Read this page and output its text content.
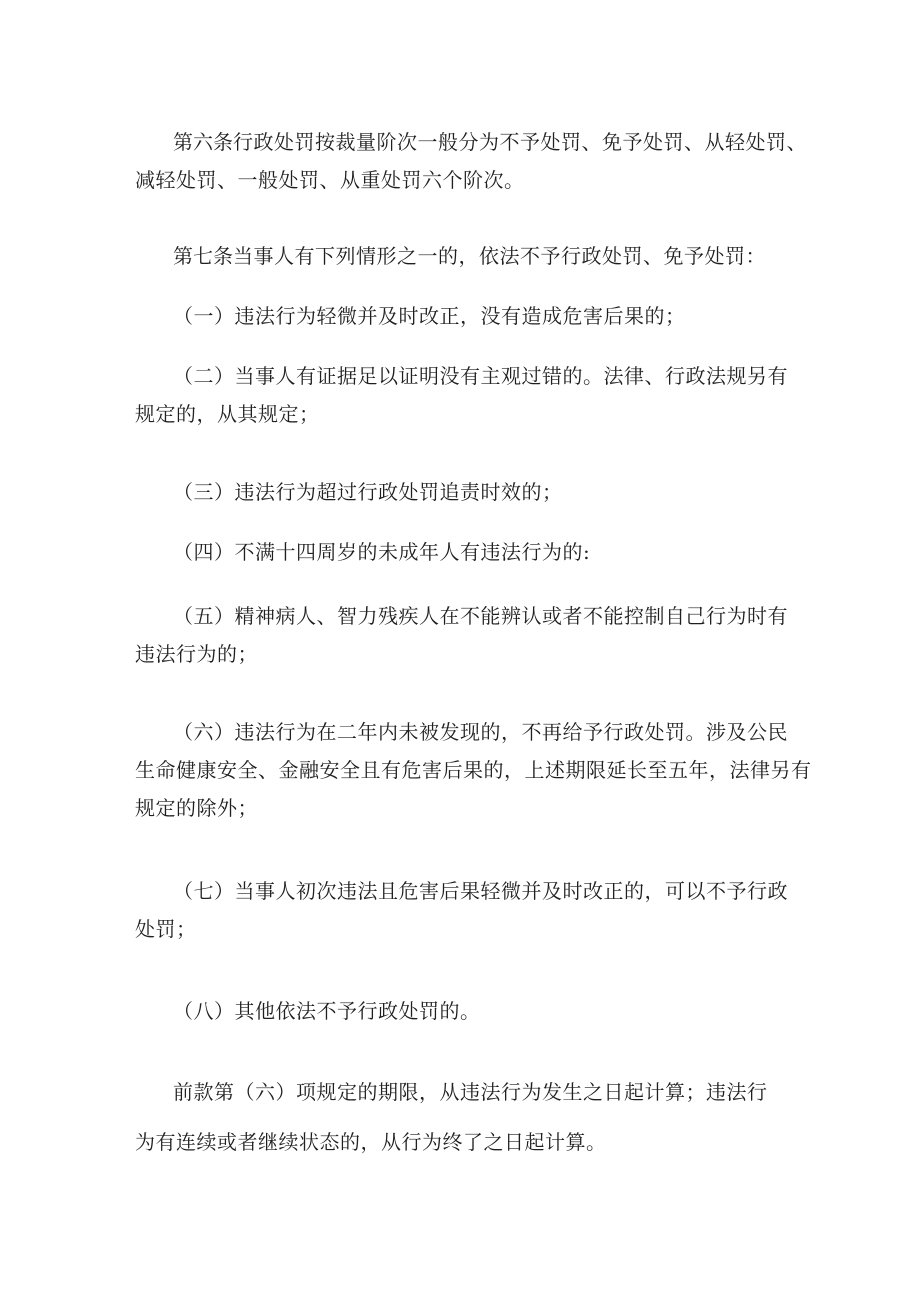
第六条行政处罚按裁量阶次一般分为不予处罚、免予处罚、从轻处罚、
减轻处罚、一般处罚、从重处罚六个阶次。
第七条当事人有下列情形之一的，依法不予行政处罚、免予处罚：
（一）违法行为轻微并及时改正，没有造成危害后果的；
（二）当事人有证据足以证明没有主观过错的。法律、行政法规另有
规定的，从其规定；
（三）违法行为超过行政处罚追责时效的；
（四）不满十四周岁的未成年人有违法行为的:
（五）精神病人、智力残疾人在不能辨认或者不能控制自己行为时有
违法行为的；
（六）违法行为在二年内未被发现的，不再给予行政处罚。涉及公民
生命健康安全、金融安全且有危害后果的，上述期限延长至五年，法律另有
规定的除外；
（七）当事人初次违法且危害后果轻微并及时改正的，可以不予行政
处罚；
（八）其他依法不予行政处罚的。
前款第（六）项规定的期限，从违法行为发生之日起计算；违法行
为有连续或者继续状态的，从行为终了之日起计算。
